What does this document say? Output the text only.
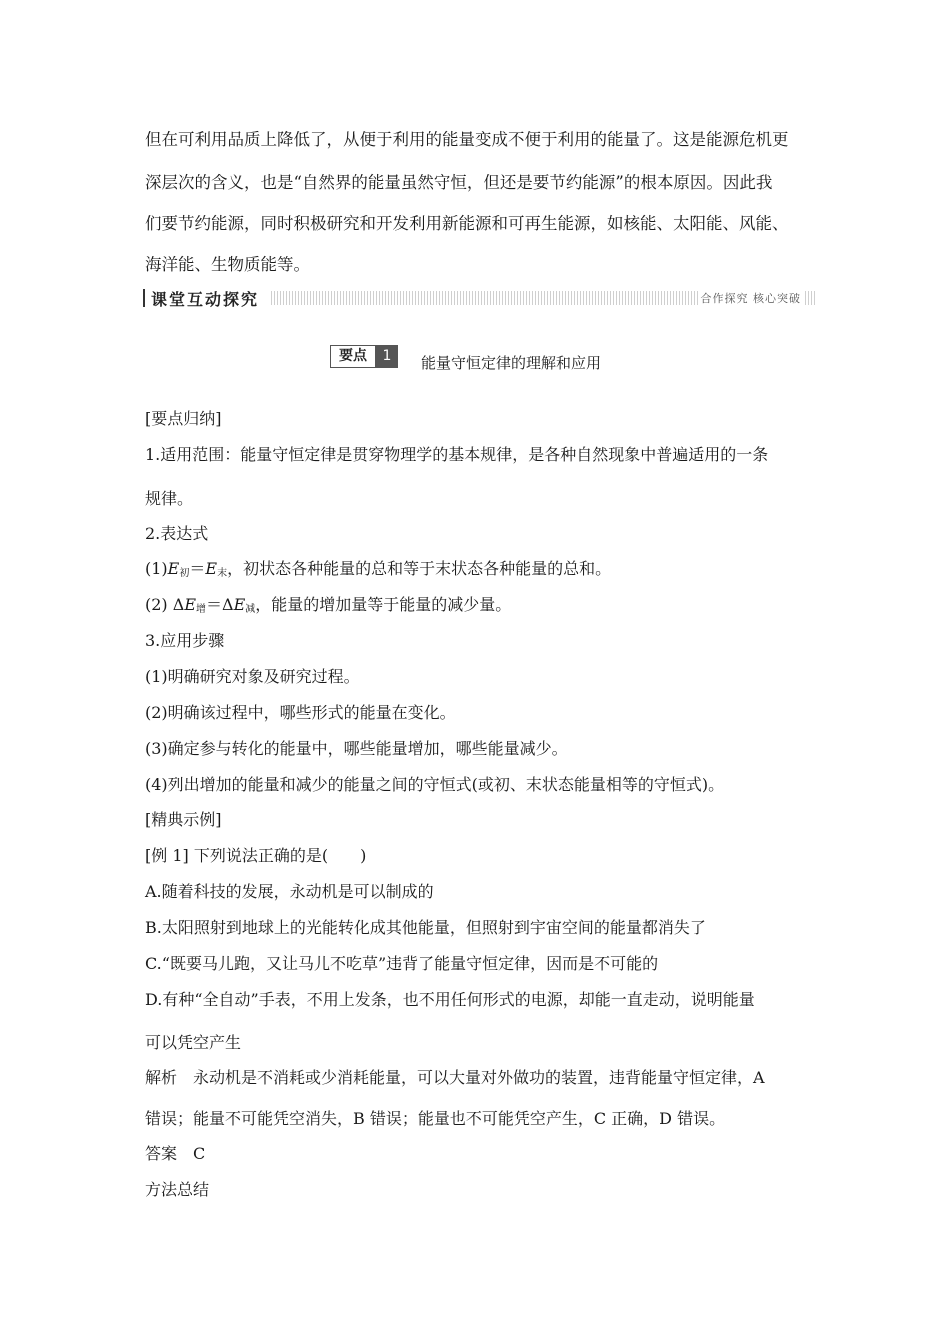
但在可利用品质上降低了，从便于利用的能量变成不便于利用的能量了。这是能源危机更
深层次的含义，也是“自然界的能量虽然守恒，但还是要节约能源”的根本原因。因此我
们要节约能源，同时积极研究和开发利用新能源和可再生能源，如核能、太阳能、风能、
海洋能、生物质能等。
课堂互动探究	合作探究 核心突破
要点	1	能量守恒定律的理解和应用
[要点归纳]
1.适用范围：能量守恒定律是贯穿物理学的基本规律，是各种自然现象中普遍适用的一条
规律。
2.表达式
$(1)E_初=E_末$，初状态各种能量的总和等于末状态各种能量的总和。
(2) $\Delta E_增=\Delta E_减$，能量的增加量等于能量的减少量。
3.应用步骤
(1)明确研究对象及研究过程。
(2)明确该过程中，哪些形式的能量在变化。
(3)确定参与转化的能量中，哪些能量增加，哪些能量减少。
(4)列出增加的能量和减少的能量之间的守恒式(或初、末状态能量相等的守恒式)。
[精典示例]
[例 1] 下列说法正确的是(　　)
A.随着科技的发展，永动机是可以制成的
B.太阳照射到地球上的光能转化成其他能量，但照射到宇宙空间的能量都消失了
C.“既要马儿跑，又让马儿不吃草”违背了能量守恒定律，因而是不可能的
D.有种“全自动”手表，不用上发条，也不用任何形式的电源，却能一直走动，说明能量
可以凭空产生
解析　永动机是不消耗或少消耗能量，可以大量对外做功的装置，违背能量守恒定律，A
错误；能量不可能凭空消失，B 错误；能量也不可能凭空产生，C 正确，D 错误。
答案　C
方法总结
